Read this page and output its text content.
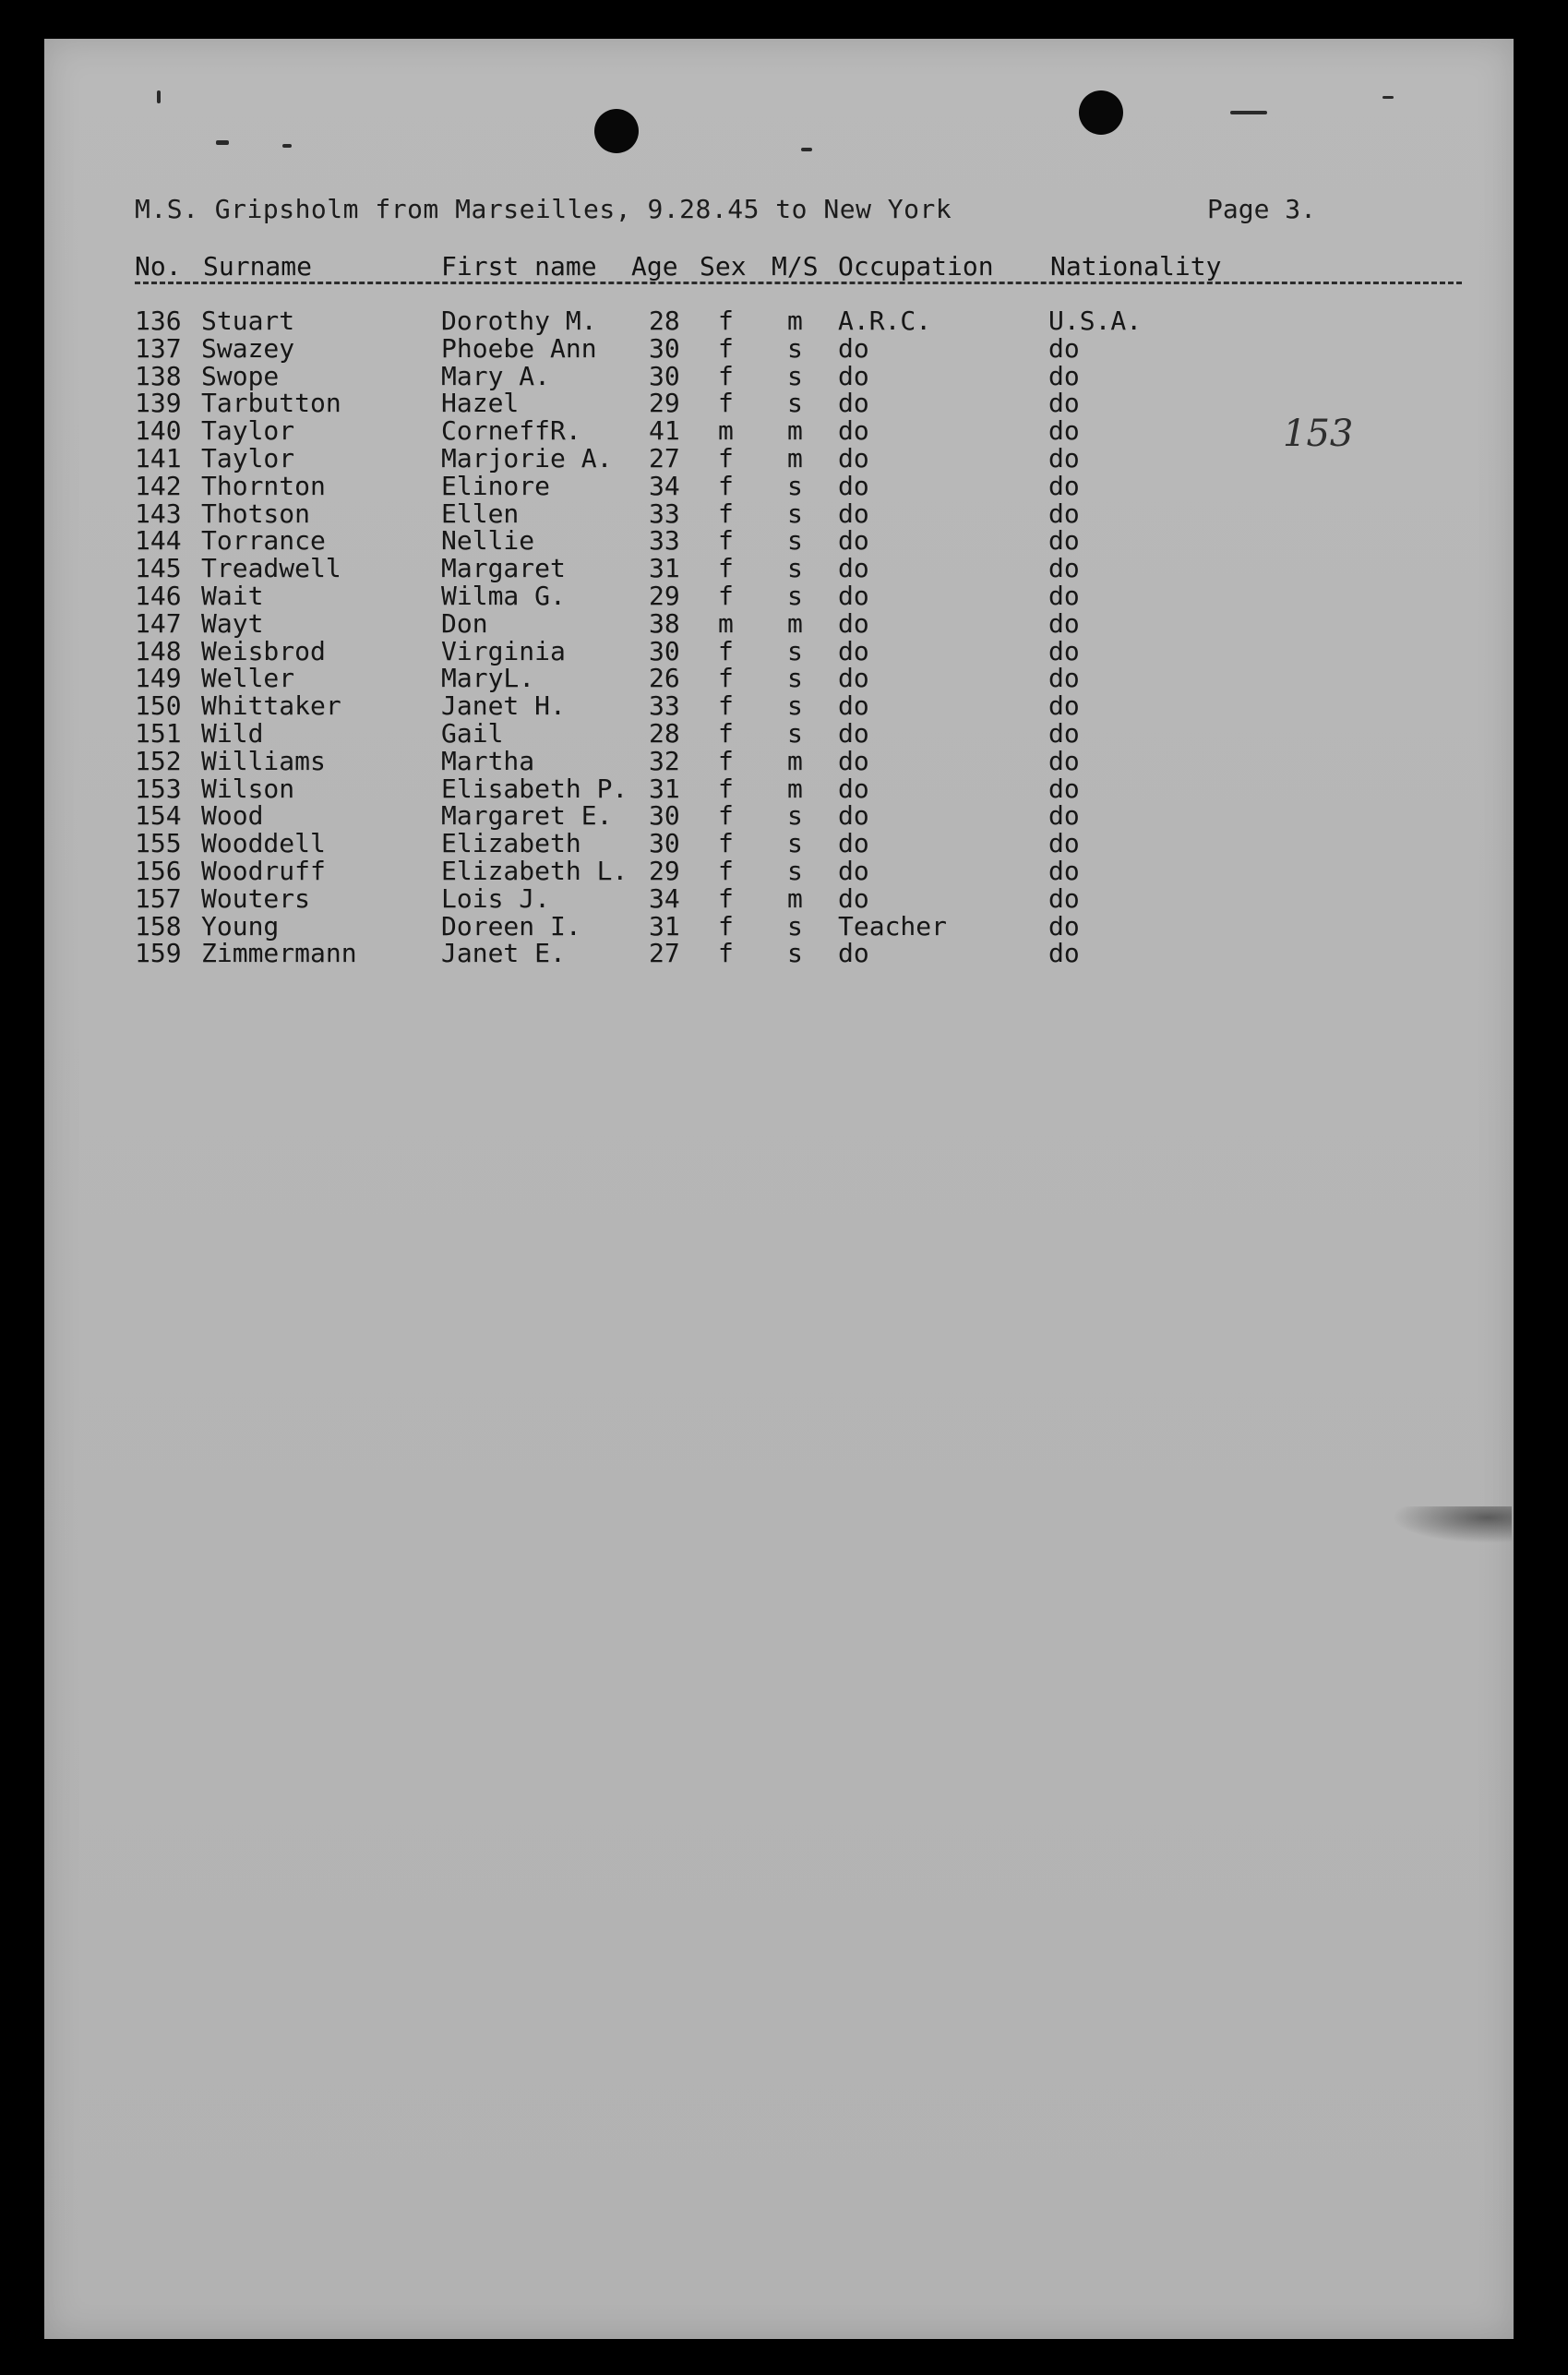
M.S. Gripsholm from Marseilles, 9.28.45 to New York	Page 3.
No. Surname	First name Age Sex M/S Occupation Nationality
153
136 Stuart	Dorothy M. 28 f m A.R.C.	U.S.A.
137 Swazey	Phoebe Ann 30 f s do	do
138 Swope	Mary A.	30 f s do	do
139 Tarbutton	Hazel	29 f s do	do
140 Taylor	CorneffR.	41 m m do	do
141 Taylor	Marjorie A. 27 f m do	do
142 Thornton	Elinore	34 f s do	do
143 Thotson	Ellen	33 f s do	do
144 Torrance	Nellie	33 f s do	do
145 Treadwell	Margaret	31 f s do	do
146 Wait	Wilma G.	29 f s do	do
147 Wayt	Don	38 m m do	do
148 Weisbrod	Virginia	30 f s do	do
149 Weller	MaryL.	26 f s do	do
150 Whittaker	Janet H.	33 f s do	do
151 Wild	Gail	28 f s do	do
152 Williams	Martha	32 f m do	do
153 Wilson	Elisabeth P. 31 f m do	do
154 Wood	Margaret E. 30 f s do	do
155 Wooddell	Elizabeth	30 f s do	do
156 Woodruff	Elizabeth L. 29 f s do	do
157 Wouters	Lois J.	34 f m do	do
158 Young	Doreen I.	31 f s Teacher	do
159 Zimmermann	Janet E.	27 f s do	do
